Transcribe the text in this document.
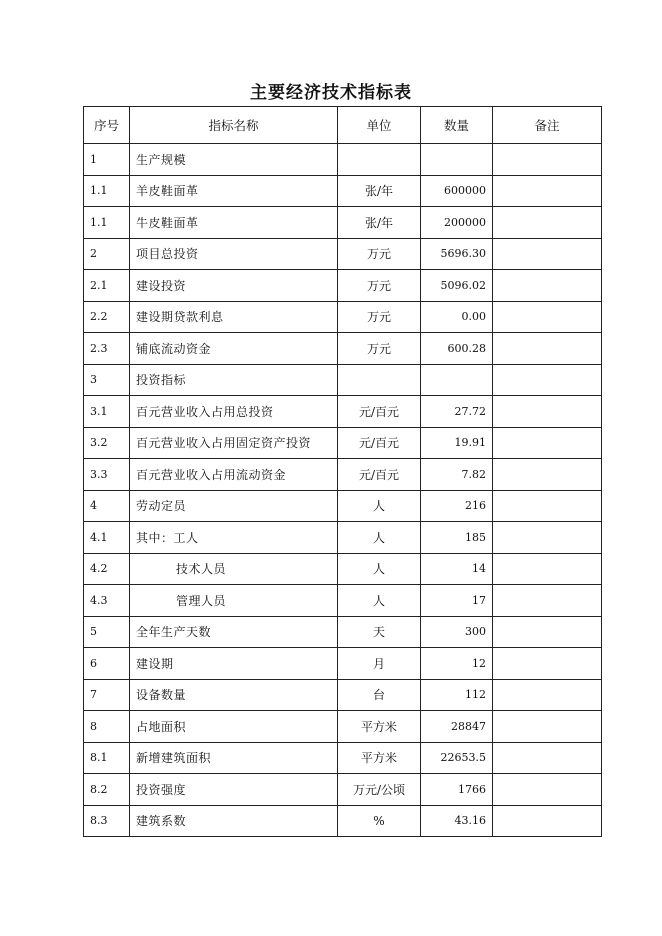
主要经济技术指标表
序号	指标名称	单位	数量	备注
1	生产规模			
1.1	羊皮鞋面革	张/年	600000	
1.1	牛皮鞋面革	张/年	200000	
2	项目总投资	万元	5696.30	
2.1	建设投资	万元	5096.02	
2.2	建设期贷款利息	万元	0.00	
2.3	铺底流动资金	万元	600.28	
3	投资指标			
3.1	百元营业收入占用总投资	元/百元	27.72	
3.2	百元营业收入占用固定资产投资	元/百元	19.91	
3.3	百元营业收入占用流动资金	元/百元	7.82	
4	劳动定员	人	216	
4.1	其中：工人	人	185	
4.2	技术人员	人	14	
4.3	管理人员	人	17	
5	全年生产天数	天	300	
6	建设期	月	12	
7	设备数量	台	112	
8	占地面积	平方米	28847	
8.1	新增建筑面积	平方米	22653.5	
8.2	投资强度	万元/公顷	1766	
8.3	建筑系数	%	43.16	
